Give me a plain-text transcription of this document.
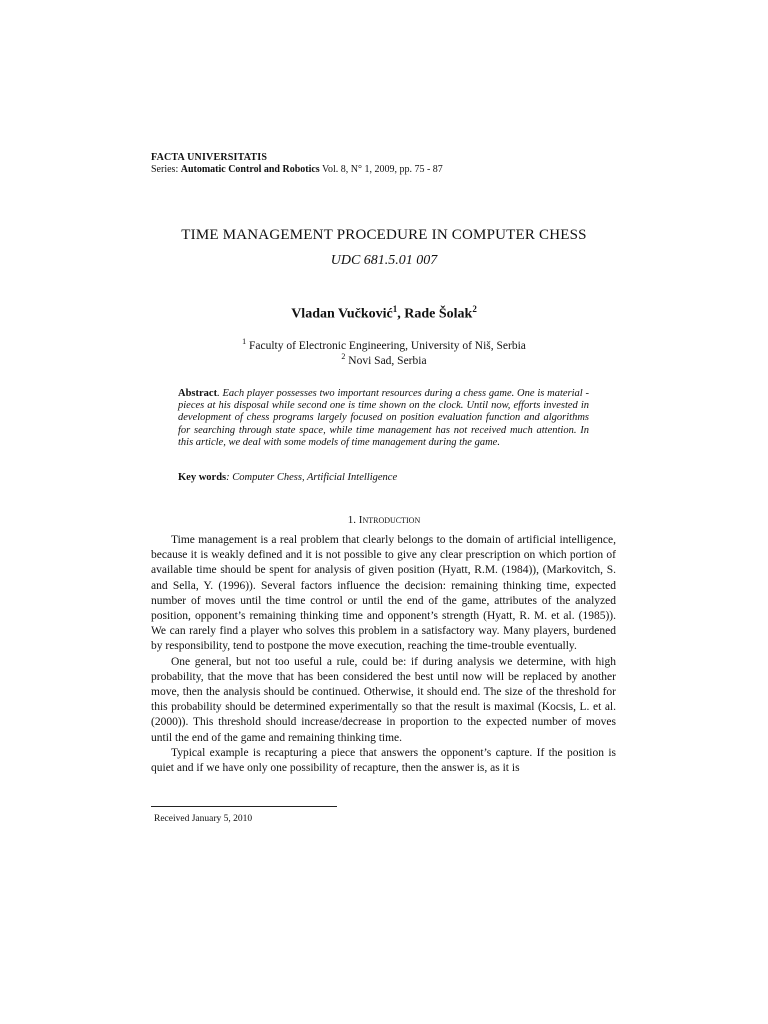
FACTA UNIVERSITATIS
Series: Automatic Control and Robotics Vol. 8, N° 1, 2009, pp. 75 - 87
TIME MANAGEMENT PROCEDURE IN COMPUTER CHESS
UDC 681.5.01 007
Vladan Vučković$^1$, Rade Šolak$^2$
$^1$ Faculty of Electronic Engineering, University of Niš, Serbia
$^2$ Novi Sad, Serbia
Abstract. Each player possesses two important resources during a chess game. One is material - pieces at his disposal while second one is time shown on the clock. Until now, efforts invested in development of chess programs largely focused on position evaluation function and algorithms for searching through state space, while time management has not received much attention. In this article, we deal with some models of time management during the game.
Key words: Computer Chess, Artificial Intelligence
1. Introduction

Time management is a real problem that clearly belongs to the domain of artificial intelligence, because it is weakly defined and it is not possible to give any clear prescription on which portion of available time should be spent for analysis of given position (Hyatt, R.M. (1984)), (Markovitch, S. and Sella, Y. (1996)). Several factors influence the decision: remaining thinking time, expected number of moves until the time control or until the end of the game, attributes of the analyzed position, opponent’s remaining thinking time and opponent’s strength (Hyatt, R. M. et al. (1985)). We can rarely find a player who solves this problem in a satisfactory way. Many players, burdened by responsibility, tend to postpone the move execution, reaching the time-trouble eventually.

One general, but not too useful a rule, could be: if during analysis we determine, with high probability, that the move that has been considered the best until now will be replaced by another move, then the analysis should be continued. Otherwise, it should end. The size of the threshold for this probability should be determined experimentally so that the result is maximal (Kocsis, L. et al. (2000)). This threshold should increase/decrease in proportion to the expected number of moves until the end of the game and remaining thinking time.

Typical example is recapturing a piece that answers the opponent’s capture. If the position is quiet and if we have only one possibility of recapture, then the answer is, as it is

Received January 5, 2010
